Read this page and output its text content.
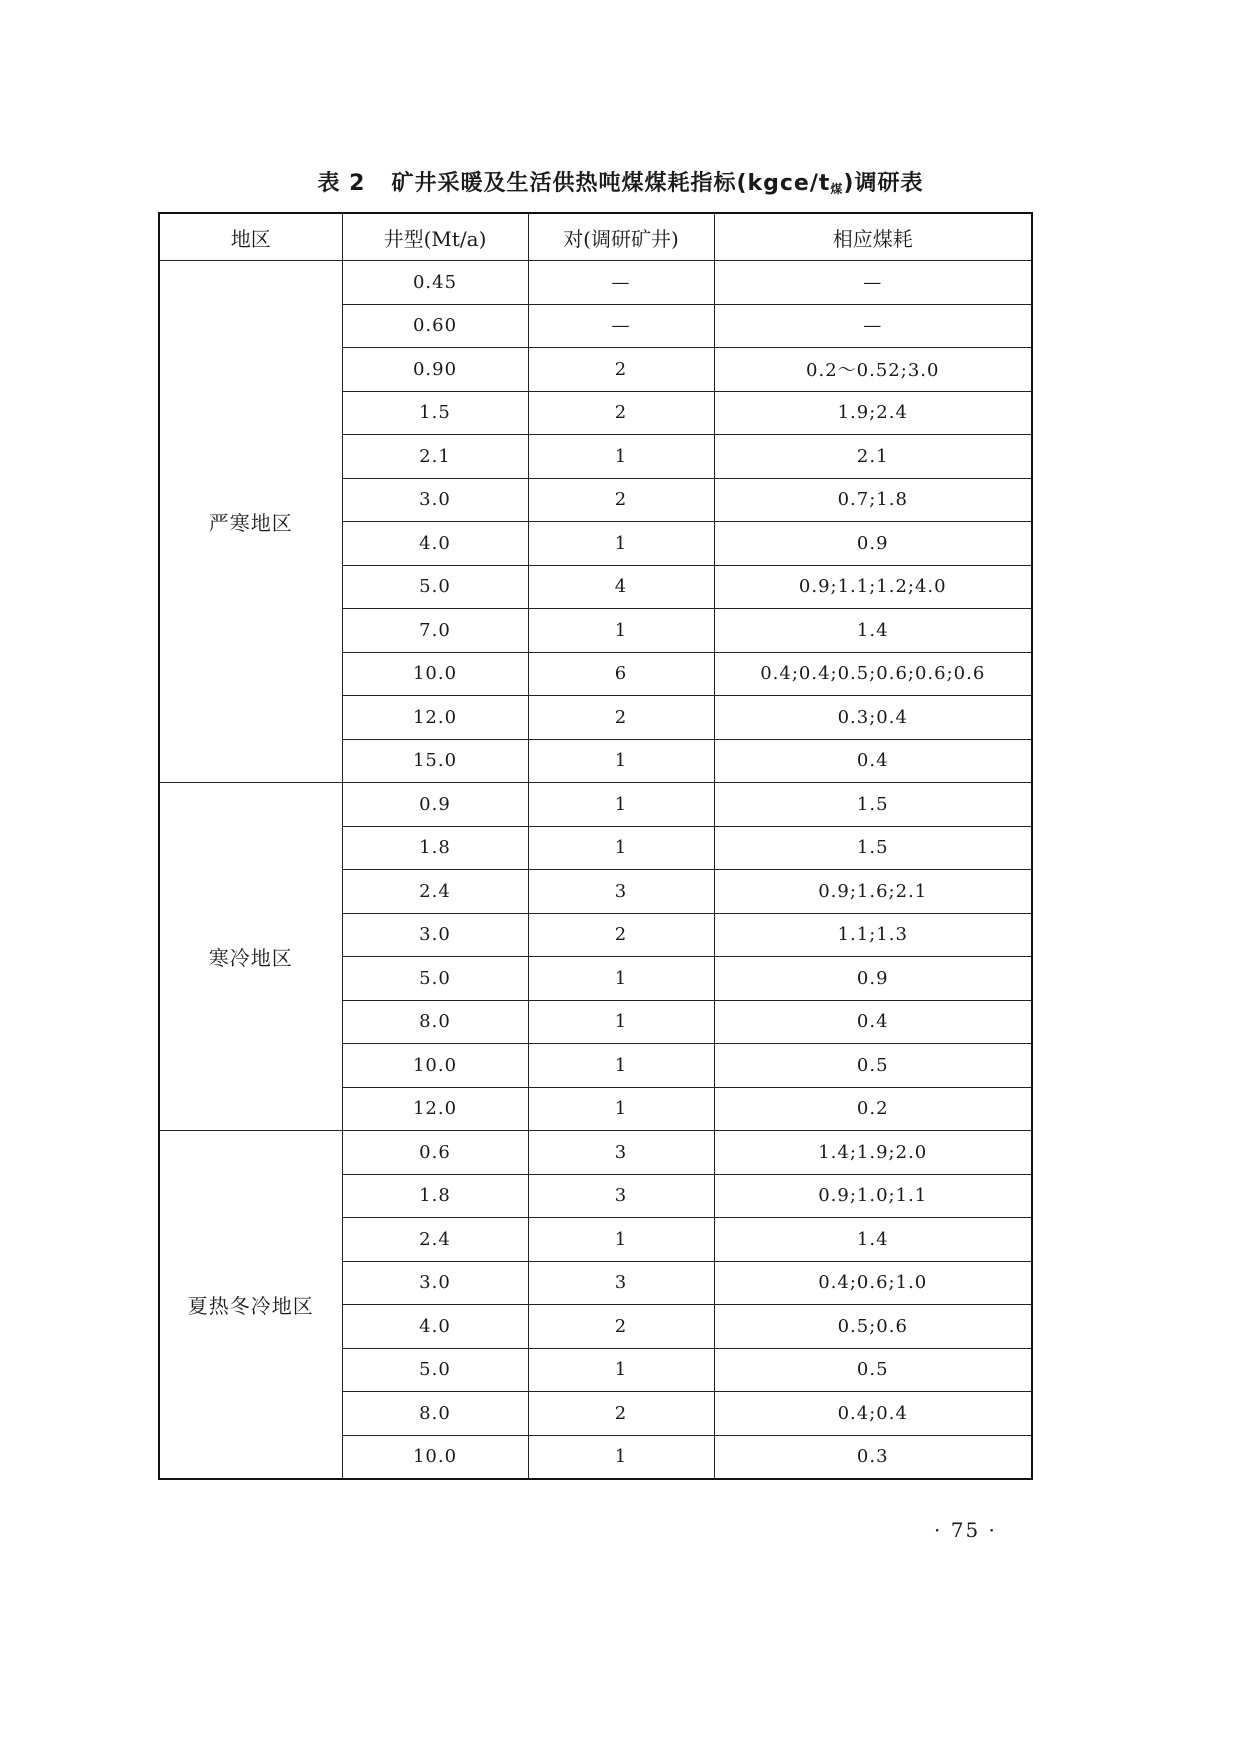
表 2 矿井采暖及生活供热吨煤煤耗指标$(kgce/t_煤)$调研表
地区	井型(Mt/a)	对(调研矿井)	相应煤耗
严寒地区	0.45	—	—
	0.60	—	—
	0.90	2	0.2～0.52;3.0
	1.5	2	1.9;2.4
	2.1	1	2.1
	3.0	2	0.7;1.8
	4.0	1	0.9
	5.0	4	0.9;1.1;1.2;4.0
	7.0	1	1.4
	10.0	6	0.4;0.4;0.5;0.6;0.6;0.6
	12.0	2	0.3;0.4
	15.0	1	0.4
寒冷地区	0.9	1	1.5
	1.8	1	1.5
	2.4	3	0.9;1.6;2.1
	3.0	2	1.1;1.3
	5.0	1	0.9
	8.0	1	0.4
	10.0	1	0.5
	12.0	1	0.2
夏热冬冷地区	0.6	3	1.4;1.9;2.0
	1.8	3	0.9;1.0;1.1
	2.4	1	1.4
	3.0	3	0.4;0.6;1.0
	4.0	2	0.5;0.6
	5.0	1	0.5
	8.0	2	0.4;0.4
	10.0	1	0.3
· 75 ·
